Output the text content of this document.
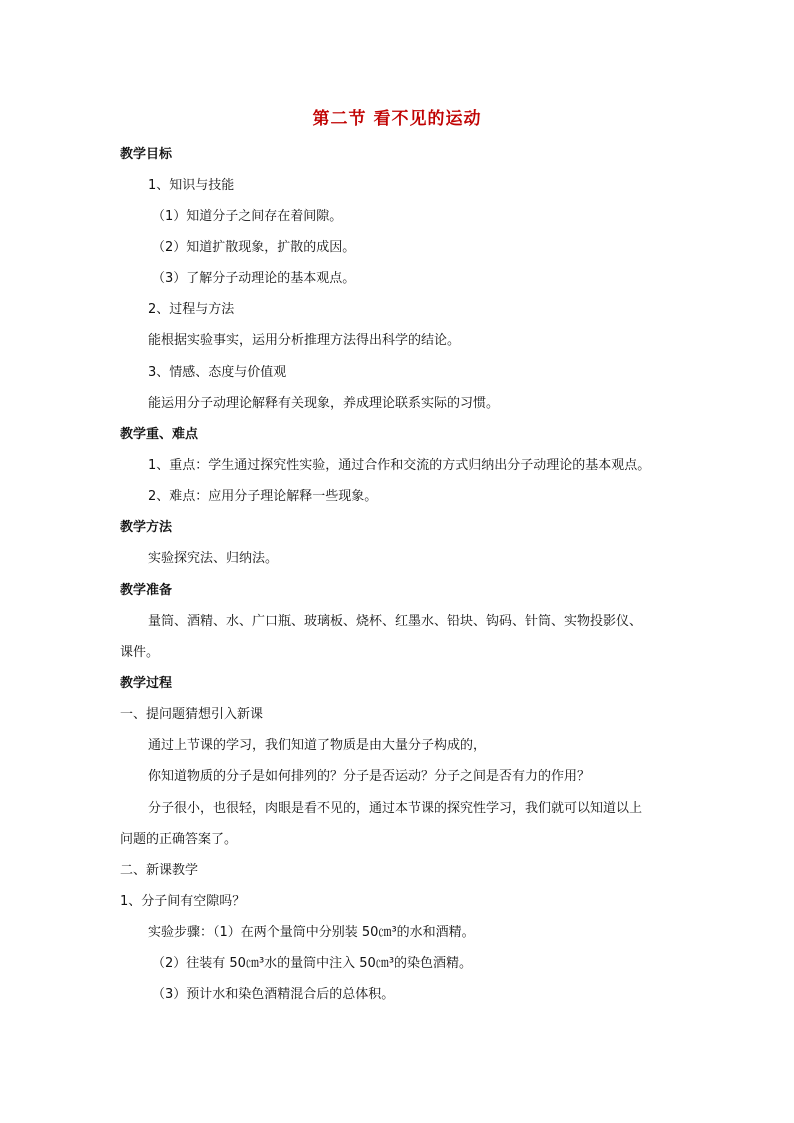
第二节 看不见的运动
教学目标
1、知识与技能
（1）知道分子之间存在着间隙。
（2）知道扩散现象，扩散的成因。
（3）了解分子动理论的基本观点。
2、过程与方法
能根据实验事实，运用分析推理方法得出科学的结论。
3、情感、态度与价值观
能运用分子动理论解释有关现象，养成理论联系实际的习惯。
教学重、难点
1、重点：学生通过探究性实验，通过合作和交流的方式归纳出分子动理论的基本观点。
2、难点：应用分子理论解释一些现象。
教学方法
实验探究法、归纳法。
教学准备
量筒、酒精、水、广口瓶、玻璃板、烧杯、红墨水、铅块、钩码、针筒、实物投影仪、
课件。
教学过程
一、提问题猜想引入新课
通过上节课的学习，我们知道了物质是由大量分子构成的，
你知道物质的分子是如何排列的？分子是否运动？分子之间是否有力的作用？
分子很小，也很轻，肉眼是看不见的，通过本节课的探究性学习，我们就可以知道以上
问题的正确答案了。
二、新课教学
1、分子间有空隙吗？
实验步骤：（1）在两个量筒中分别装 50㎝³的水和酒精。
（2）往装有 50㎝³水的量筒中注入 50㎝³的染色酒精。
（3）预计水和染色酒精混合后的总体积。
